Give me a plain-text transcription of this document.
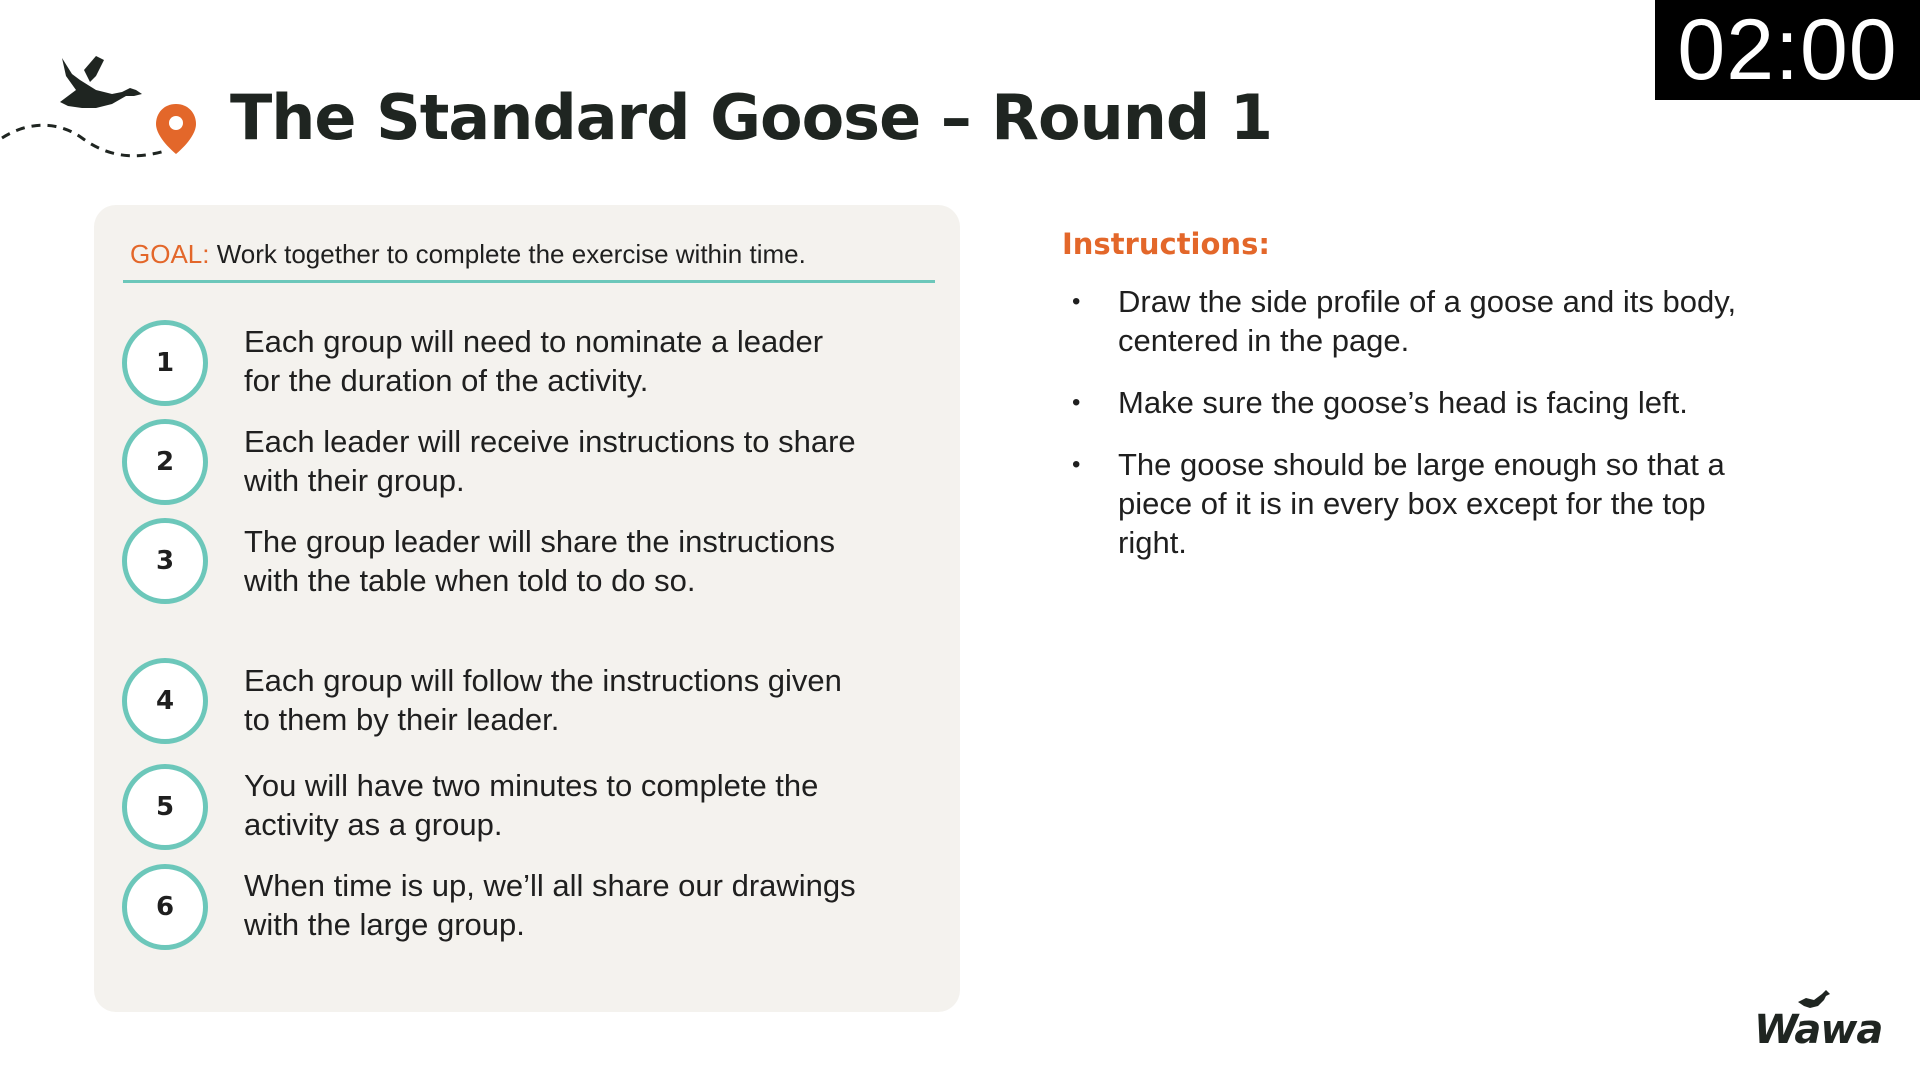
02:00
The Standard Goose – Round 1
GOAL: Work together to complete the exercise within time.
1
Each group will need to nominate a leader for the duration of the activity.
2
Each leader will receive instructions to share with their group.
3
The group leader will share the instructions with the table when told to do so.
4
Each group will follow the instructions given to them by their leader.
5
You will have two minutes to complete the activity as a group.
6
When time is up, we’ll all share our drawings with the large group.
Instructions:
• Draw the side profile of a goose and its body, centered in the page.
• Make sure the goose’s head is facing left.
• The goose should be large enough so that a piece of it is in every box except for the top right.
Wawa
